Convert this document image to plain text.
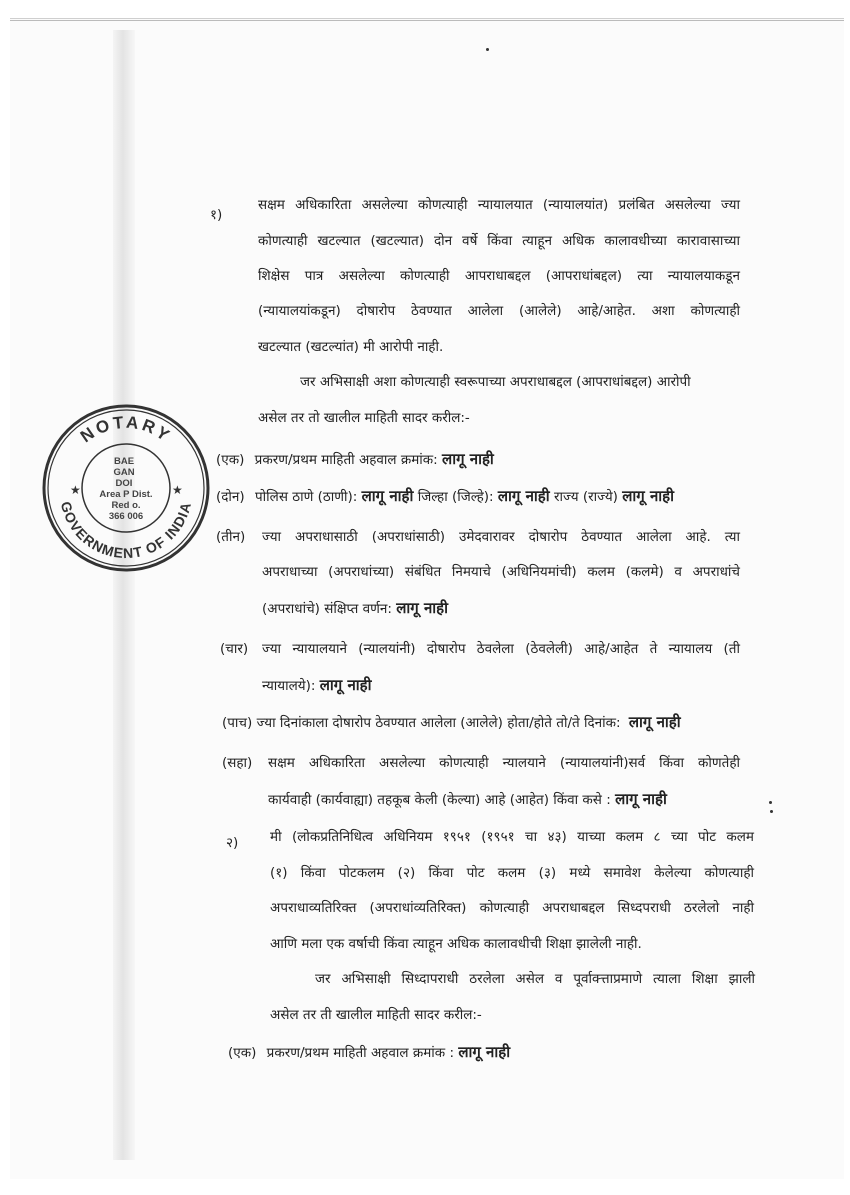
NOTARY
GOVERNMENT OF INDIA
★	★
BAE
GAN
DOI
Area P Dist.
Red o.
366 006
१)
सक्षम अधिकारिता असलेल्या कोणत्याही न्यायालयात (न्यायालयांत) प्रलंबित असलेल्या ज्या
कोणत्याही खटल्यात (खटल्यात) दोन वर्षे किंवा त्याहून अधिक कालावधीच्या कारावासाच्या
शिक्षेस पात्र असलेल्या कोणत्याही आपराधाबद्दल (आपराधांबद्दल) त्या न्यायालयाकडून
(न्यायालयांकडून) दोषारोप ठेवण्यात आलेला (आलेले) आहे/आहेत. अशा कोणत्याही
खटल्यात (खटल्यांत) मी आरोपी नाही.
जर अभिसाक्षी अशा कोणत्याही स्वरूपाच्या अपराधाबद्दल (आपराधांबद्दल) आरोपी
असेल तर तो खालील माहिती सादर करील:-
(एक) प्रकरण/प्रथम माहिती अहवाल क्रमांक: लागू नाही
(दोन) पोलिस ठाणे (ठाणी): लागू नाही जिल्हा (जिल्हे): लागू नाही राज्य (राज्ये) लागू नाही
(तीन) ज्या अपराधासाठी (अपराधांसाठी) उमेदवारावर दोषारोप ठेवण्यात आलेला आहे. त्या
अपराधाच्या (अपराधांच्या) संबंधित निमयाचे (अधिनियमांची) कलम (कलमे) व अपराधांचे
(अपराधांचे) संक्षिप्त वर्णन: लागू नाही
(चार) ज्या न्यायालयाने (न्यालयांनी) दोषारोप ठेवलेला (ठेवलेली) आहे/आहेत ते न्यायालय (ती
न्यायालये): लागू नाही
(पाच) ज्या दिनांकाला दोषारोप ठेवण्यात आलेला (आलेले) होता/होते तो/ते दिनांक: लागू नाही
(सहा) सक्षम अधिकारिता असलेल्या कोणत्याही न्यालयाने (न्यायालयांनी)सर्व किंवा कोणतेही
कार्यवाही (कार्यवाह्या) तहकूब केली (केल्या) आहे (आहेत) किंवा कसे : लागू नाही
२) मी (लोकप्रतिनिधित्व अधिनियम १९५१ (१९५१ चा ४३) याच्या कलम ८ च्या पोट कलम
(१) किंवा पोटकलम (२) किंवा पोट कलम (३) मध्ये समावेश केलेल्या कोणत्याही
अपराधाव्यतिरिक्त (अपराधांव्यतिरिक्त) कोणत्याही अपराधाबद्दल सिध्दपराधी ठरलेलो नाही
आणि मला एक वर्षाची किंवा त्याहून अधिक कालावधीची शिक्षा झालेली नाही.
जर अभिसाक्षी सिध्दापराधी ठरलेला असेल व पूर्वाक्त्ताप्रमाणे त्याला शिक्षा झाली
असेल तर ती खालील माहिती सादर करील:-
(एक) प्रकरण/प्रथम माहिती अहवाल क्रमांक : लागू नाही
